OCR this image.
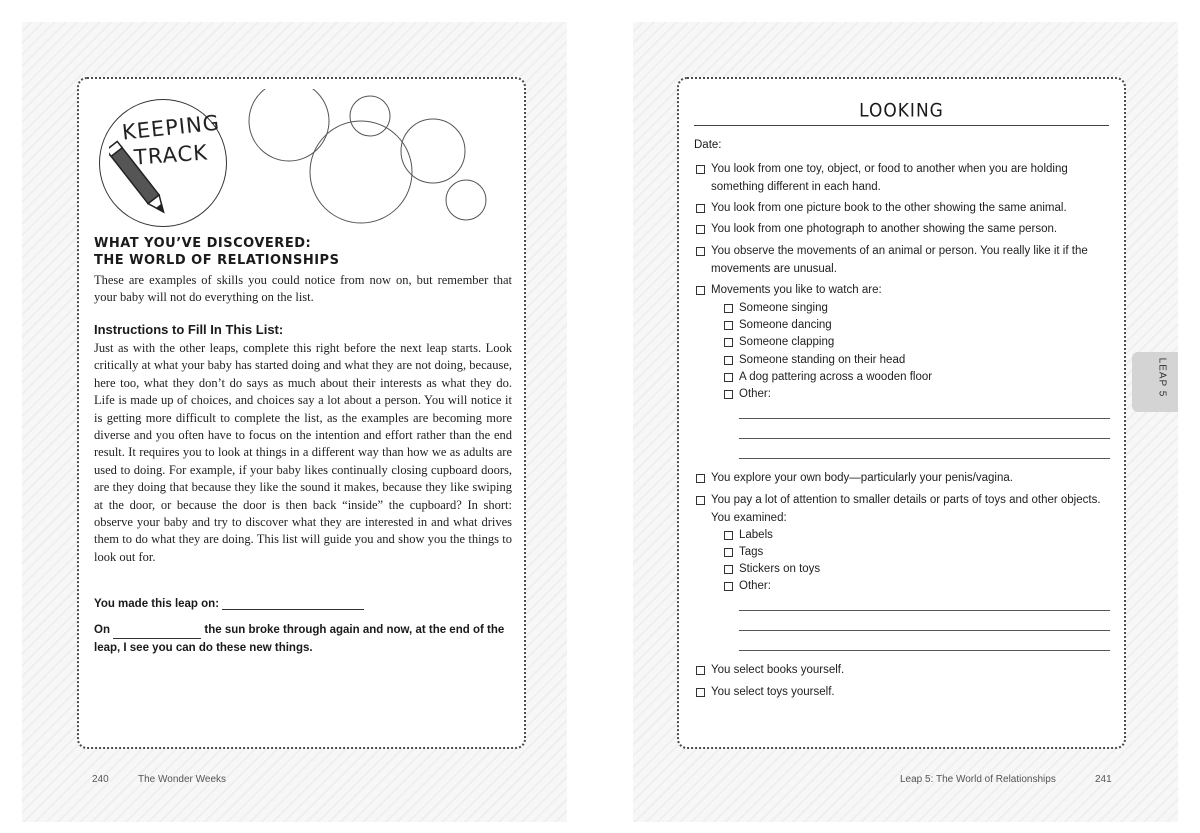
KEEPING
TRACK
WHAT YOU’VE DISCOVERED:
THE WORLD OF RELATIONSHIPS

These are examples of skills you could notice from now on, but remember that your baby will not do everything on the list.

Instructions to Fill In This List:

Just as with the other leaps, complete this right before the next leap starts. Look critically at what your baby has started doing and what they are not doing, because, here too, what they don’t do says as much about their interests as what they do. Life is made up of choices, and choices say a lot about a person. You will notice it is getting more difficult to complete the list, as the examples are becoming more diverse and you often have to focus on the intention and effort rather than the end result. It requires you to look at things in a different way than how we as adults are used to doing. For example, if your baby likes continually closing cupboard doors, are they doing that because they like the sound it makes, because they like swiping at the door, or because the door is then back “inside” the cupboard? In short: observe your baby and try to discover what they are interested in and what drives them to do what they are doing. This list will guide you and show you the things to look out for.

You made this leap on:
On	the sun broke through again and now, at the end of the leap, I see you can do these new things.
240	The Wonder Weeks
LOOKING
Date:
You look from one toy, object, or food to another when you are holding something different in each hand.
You look from one picture book to the other showing the same animal.
You look from one photograph to another showing the same person.
You observe the movements of an animal or person. You really like it if the movements are unusual.
Movements you like to watch are:
Someone singing
Someone dancing
Someone clapping
Someone standing on their head
A dog pattering across a wooden floor
Other:
You explore your own body—particularly your penis/vagina.
You pay a lot of attention to smaller details or parts of toys and other objects. You examined:
Labels
Tags
Stickers on toys
Other:
You select books yourself.
You select toys yourself.
Leap 5: The World of Relationships	241
LEAP 5
